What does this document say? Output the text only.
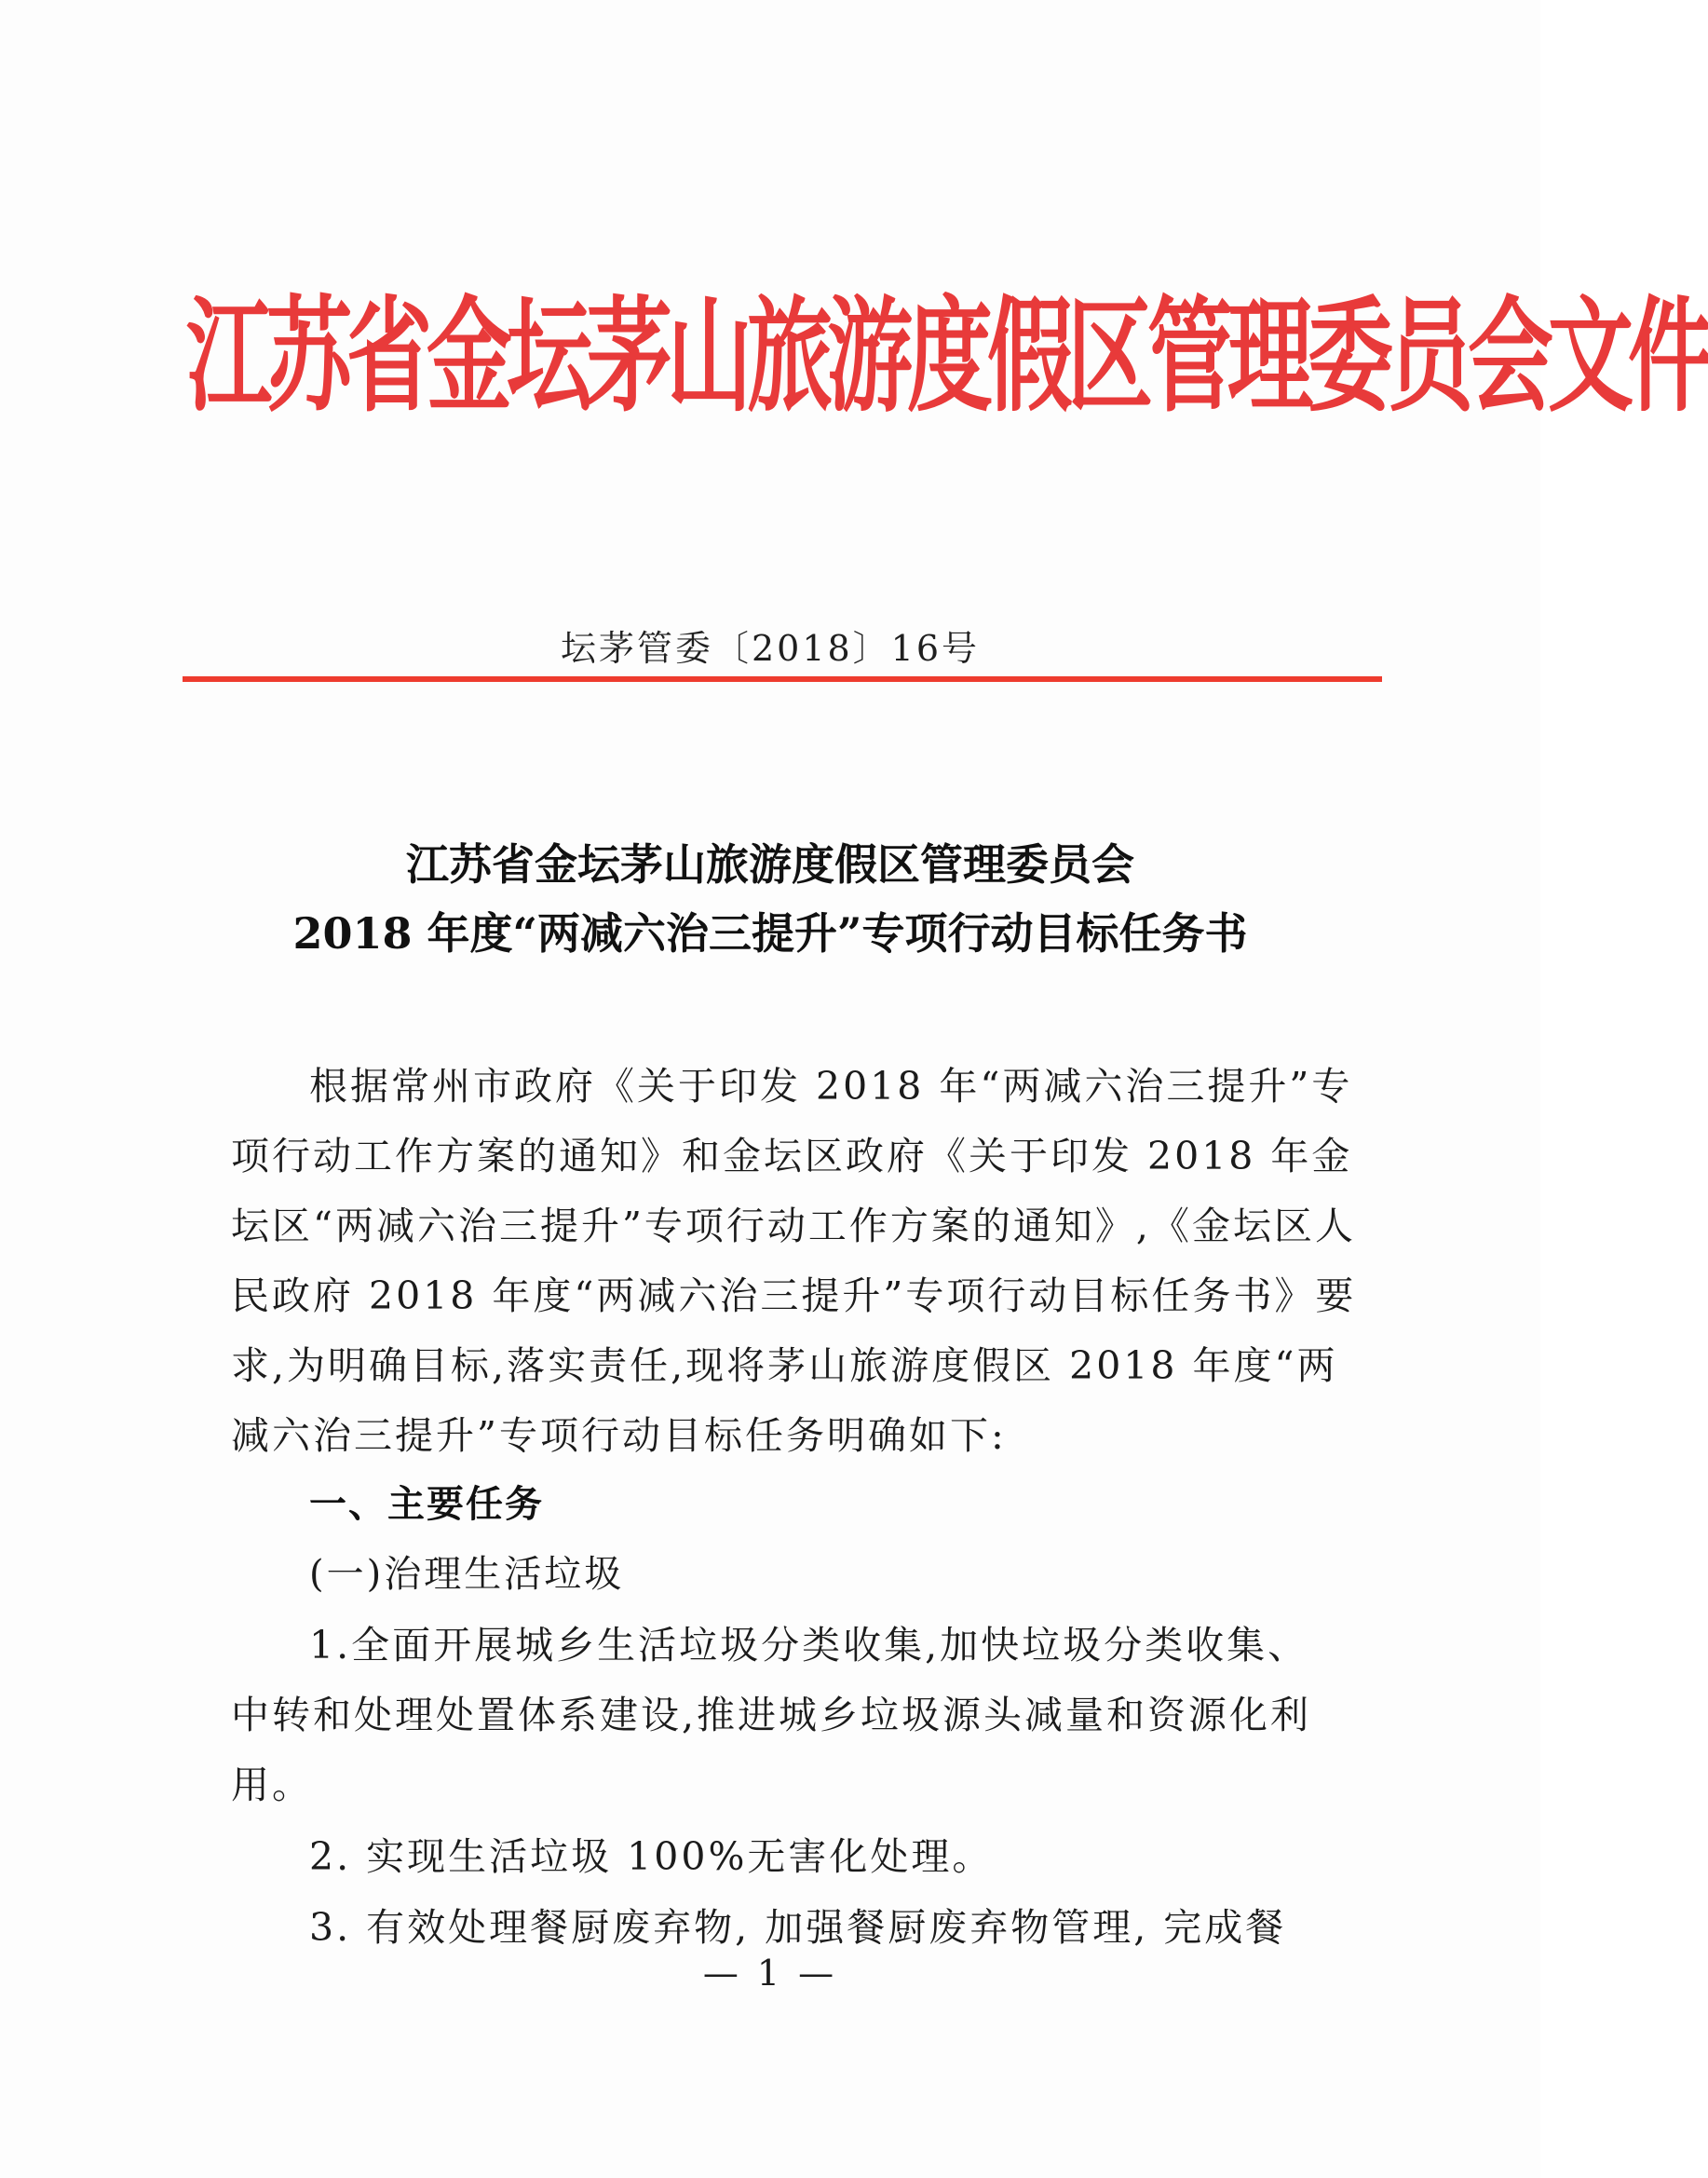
江苏省金坛茅山旅游度假区管理委员会文件
坛茅管委〔2018〕16号
江苏省金坛茅山旅游度假区管理委员会
2018 年度“两减六治三提升”专项行动目标任务书
根据常州市政府《关于印发 2018 年“两减六治三提升”专
项行动工作方案的通知》和金坛区政府《关于印发 2018 年金
坛区“两减六治三提升”专项行动工作方案的通知》,《金坛区人
民政府 2018 年度“两减六治三提升”专项行动目标任务书》要
求,为明确目标,落实责任,现将茅山旅游度假区 2018 年度“两
减六治三提升”专项行动目标任务明确如下:
一、主要任务
(一)治理生活垃圾
1.全面开展城乡生活垃圾分类收集,加快垃圾分类收集、
中转和处理处置体系建设,推进城乡垃圾源头减量和资源化利
用。
2. 实现生活垃圾 100%无害化处理。
3. 有效处理餐厨废弃物, 加强餐厨废弃物管理, 完成餐
— 1 —
